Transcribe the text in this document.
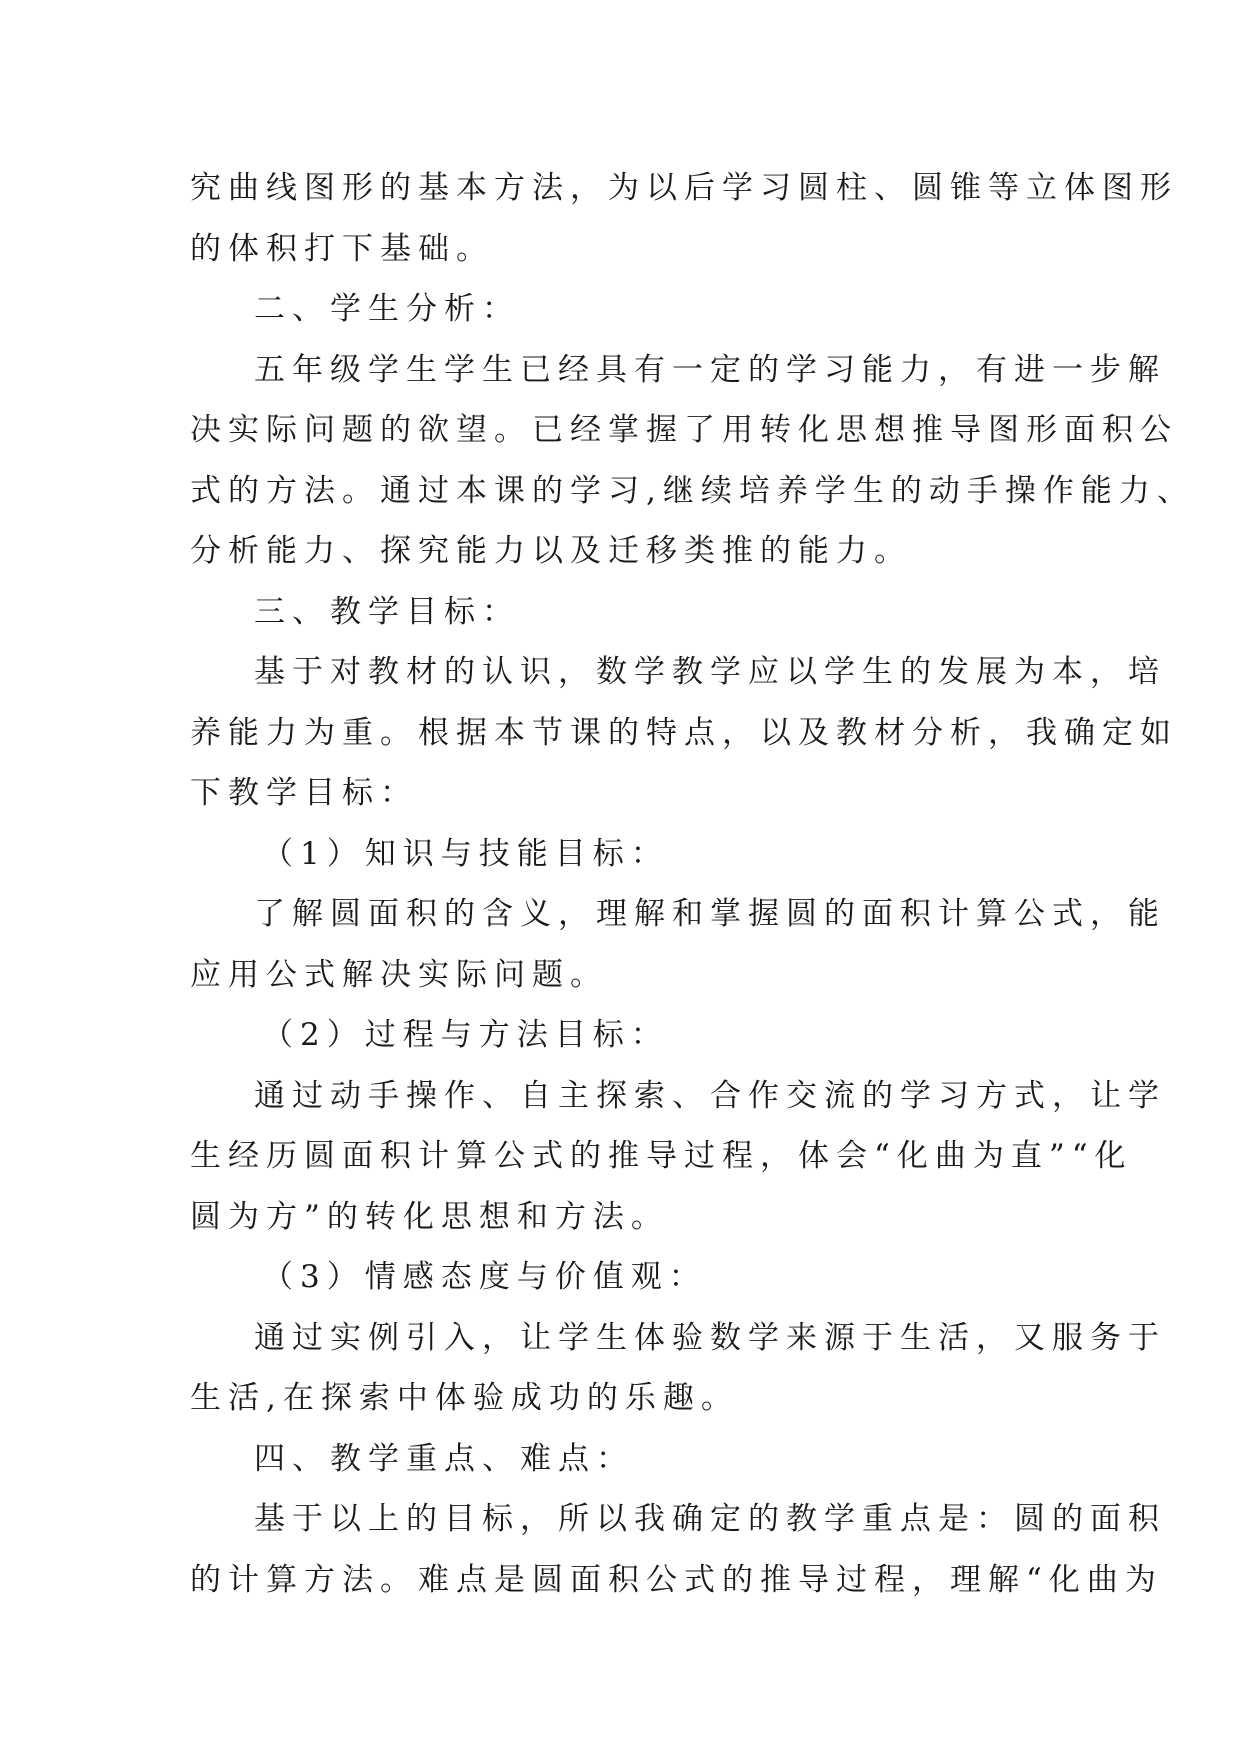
究曲线图形的基本方法，为以后学习圆柱、圆锥等立体图形
的体积打下基础。
二、学生分析：
五年级学生学生已经具有一定的学习能力，有进一步解
决实际问题的欲望。已经掌握了用转化思想推导图形面积公
式的方法。通过本课的学习,继续培养学生的动手操作能力、
分析能力、探究能力以及迁移类推的能力。
三、教学目标：
基于对教材的认识，数学教学应以学生的发展为本，培
养能力为重。根据本节课的特点，以及教材分析，我确定如
下教学目标：
（1）知识与技能目标：
了解圆面积的含义，理解和掌握圆的面积计算公式，能
应用公式解决实际问题。
（2）过程与方法目标：
通过动手操作、自主探索、合作交流的学习方式，让学
生经历圆面积计算公式的推导过程，体会“化曲为直”“化
圆为方”的转化思想和方法。
（3）情感态度与价值观：
通过实例引入，让学生体验数学来源于生活，又服务于
生活,在探索中体验成功的乐趣。
四、教学重点、难点：
基于以上的目标，所以我确定的教学重点是：圆的面积
的计算方法。难点是圆面积公式的推导过程，理解“化曲为
